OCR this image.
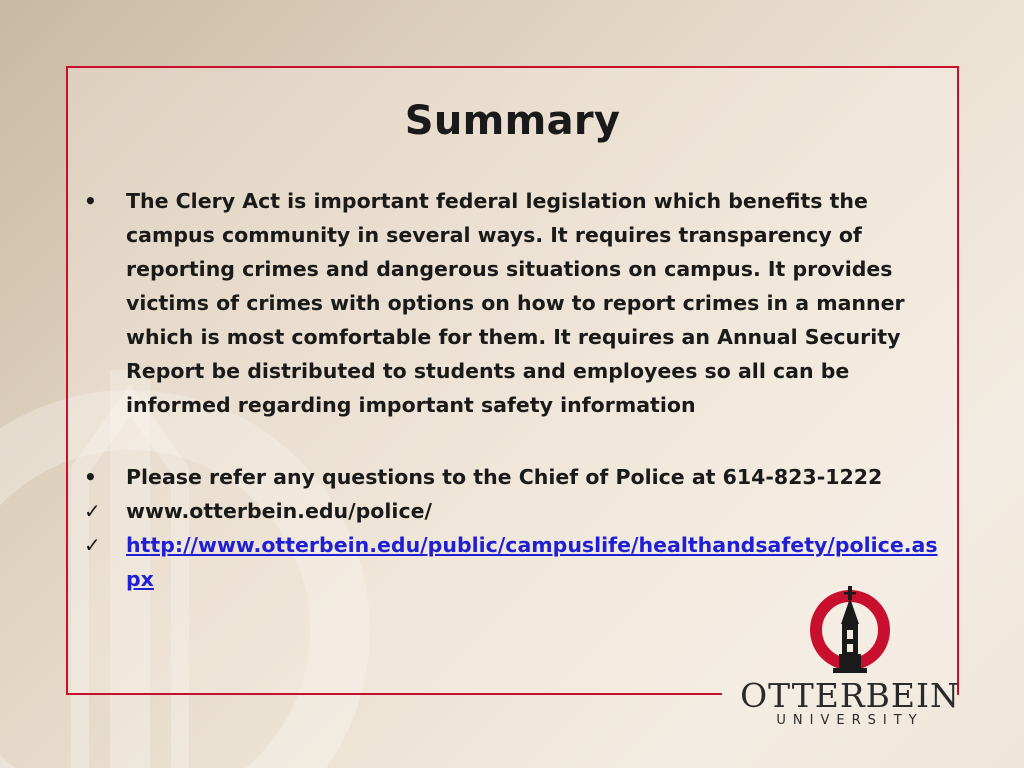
Summary
•	The Clery Act is important federal legislation which benefits the campus community in several ways. It requires transparency of reporting crimes and dangerous situations on campus. It provides victims of crimes with options on how to report crimes in a manner which is most comfortable for them. It requires an Annual Security Report be distributed to students and employees so all can be informed regarding important safety information
•	Please refer any questions to the Chief of Police at 614-823-1222
✓	www.otterbein.edu/police/
✓	http://www.otterbein.edu/public/campuslife/healthandsafety/police.aspx
OTTERBEIN
UNIVERSITY
